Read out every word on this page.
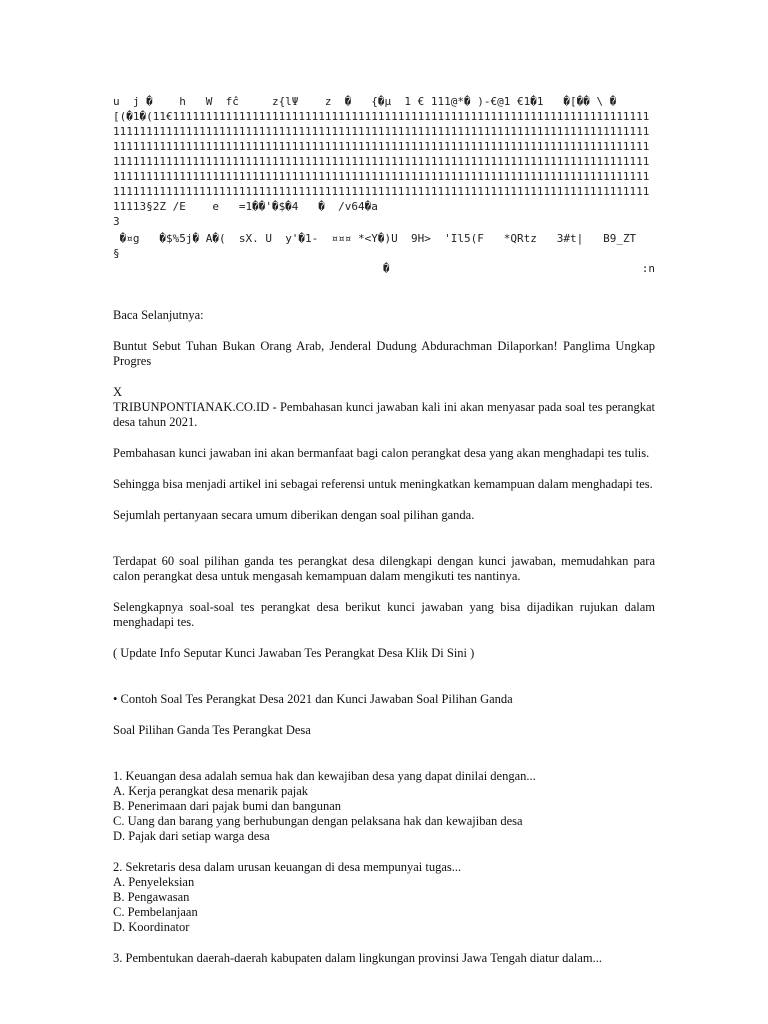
u  j �    h   W  fĉ     z{lΨ    z  �   {�µ  1 € 111@*� )-€@1 €1�1   �[�� \ �
[(�1�(11€111111111111111111111111111111111111111111111111111111111111111111111111111111111111111111111111111111111111111111111111111111111111111111111111111111111111111111111111111111111111111111111111111111111111111111111111111111111111111111111111111111111111111111111111111111111111111111111111111111111111111111111111111111111111111111111111111111111111111111111111111111111111111111111111111111111111111111111111111111111111111111111111111111111111111111111111111111111111111111111
11113§2Z /E    e   =1��'�$�4   �  /v64�a
3
�¤g   �$%5j� A�(  sX. U  y'�1-  ¤¤¤ *<Y�)U  9H>  'Il5(F   *QRtz   3#t|   B9_ZT  §

�	:n

Baca Selanjutnya:

Buntut Sebut Tuhan Bukan Orang Arab, Jenderal Dudung Abdurachman Dilaporkan! Panglima Ungkap Progres

X

TRIBUNPONTIANAK.CO.ID - Pembahasan kunci jawaban kali ini akan menyasar pada soal tes perangkat desa tahun 2021.

Pembahasan kunci jawaban ini akan bermanfaat bagi calon perangkat desa yang akan menghadapi tes tulis.

Sehingga bisa menjadi artikel ini sebagai referensi untuk meningkatkan kemampuan dalam menghadapi tes.

Sejumlah pertanyaan secara umum diberikan dengan soal pilihan ganda.

Terdapat 60 soal pilihan ganda tes perangkat desa dilengkapi dengan kunci jawaban, memudahkan para calon perangkat desa untuk mengasah kemampuan dalam mengikuti tes nantinya.

Selengkapnya soal-soal tes perangkat desa berikut kunci jawaban yang bisa dijadikan rujukan dalam menghadapi tes.

( Update Info Seputar Kunci Jawaban Tes Perangkat Desa Klik Di Sini )

• Contoh Soal Tes Perangkat Desa 2021 dan Kunci Jawaban Soal Pilihan Ganda

Soal Pilihan Ganda Tes Perangkat Desa

1. Keuangan desa adalah semua hak dan kewajiban desa yang dapat dinilai dengan...
A. Kerja perangkat desa menarik pajak
B. Penerimaan dari pajak bumi dan bangunan
C. Uang dan barang yang berhubungan dengan pelaksana hak dan kewajiban desa
D. Pajak dari setiap warga desa
2. Sekretaris desa dalam urusan keuangan di desa mempunyai tugas...
A. Penyeleksian
B. Pengawasan
C. Pembelanjaan
D. Koordinator
3. Pembentukan daerah-daerah kabupaten dalam lingkungan provinsi Jawa Tengah diatur dalam...
